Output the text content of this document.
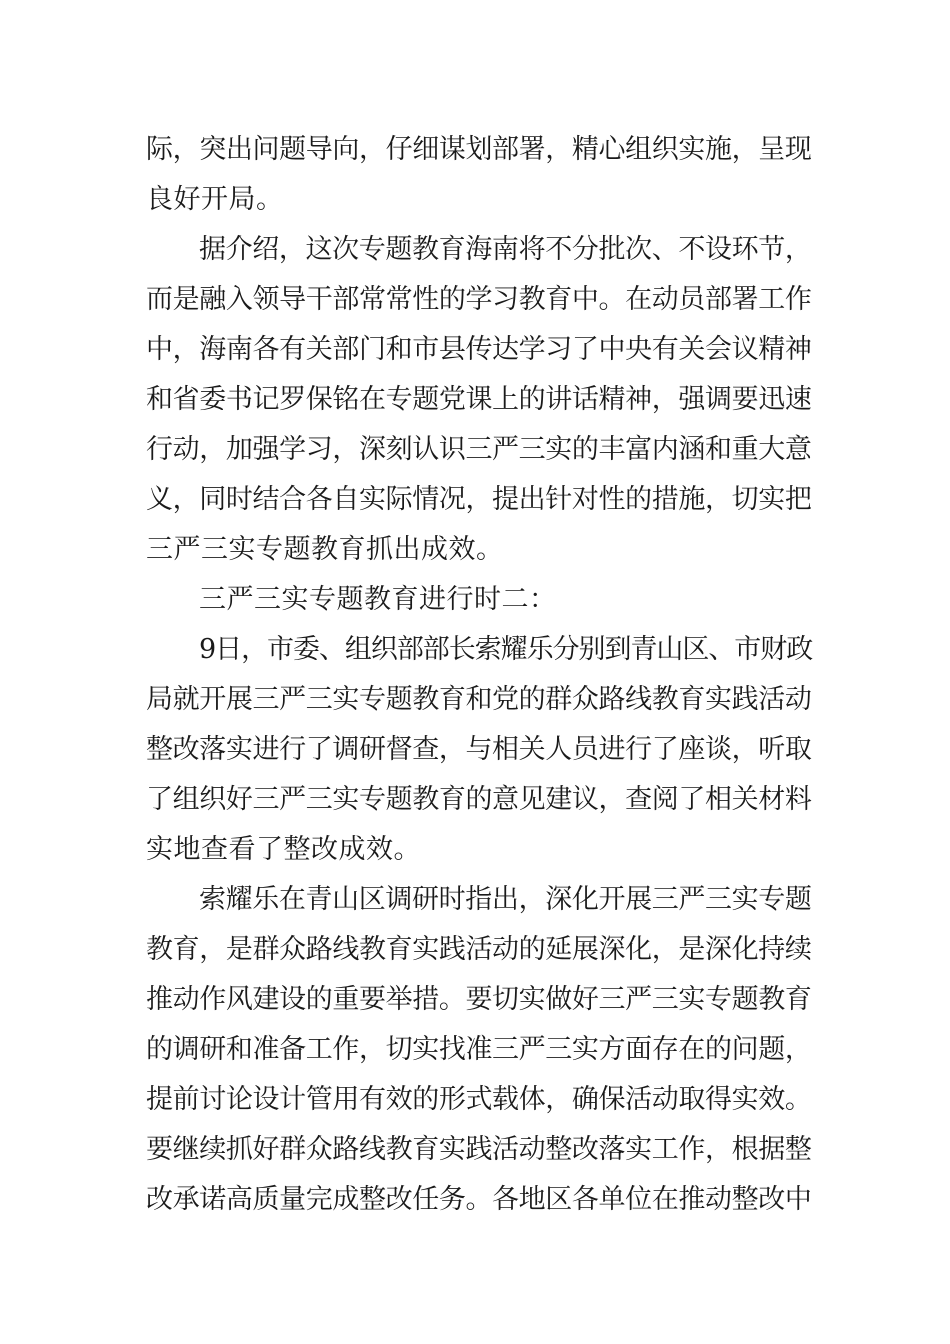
际，突出问题导向，仔细谋划部署，精心组织实施，呈现
良好开局。
据介绍，这次专题教育海南将不分批次、不设环节，
而是融入领导干部常常性的学习教育中。在动员部署工作
中，海南各有关部门和市县传达学习了中央有关会议精神
和省委书记罗保铭在专题党课上的讲话精神，强调要迅速
行动，加强学习，深刻认识三严三实的丰富内涵和重大意
义，同时结合各自实际情况，提出针对性的措施，切实把
三严三实专题教育抓出成效。
三严三实专题教育进行时二：
9日，市委、组织部部长索耀乐分别到青山区、市财政
局就开展三严三实专题教育和党的群众路线教育实践活动
整改落实进行了调研督查，与相关人员进行了座谈，听取
了组织好三严三实专题教育的意见建议，查阅了相关材料
实地查看了整改成效。
索耀乐在青山区调研时指出，深化开展三严三实专题
教育，是群众路线教育实践活动的延展深化，是深化持续
推动作风建设的重要举措。要切实做好三严三实专题教育
的调研和准备工作，切实找准三严三实方面存在的问题，
提前讨论设计管用有效的形式载体，确保活动取得实效。
要继续抓好群众路线教育实践活动整改落实工作，根据整
改承诺高质量完成整改任务。各地区各单位在推动整改中
